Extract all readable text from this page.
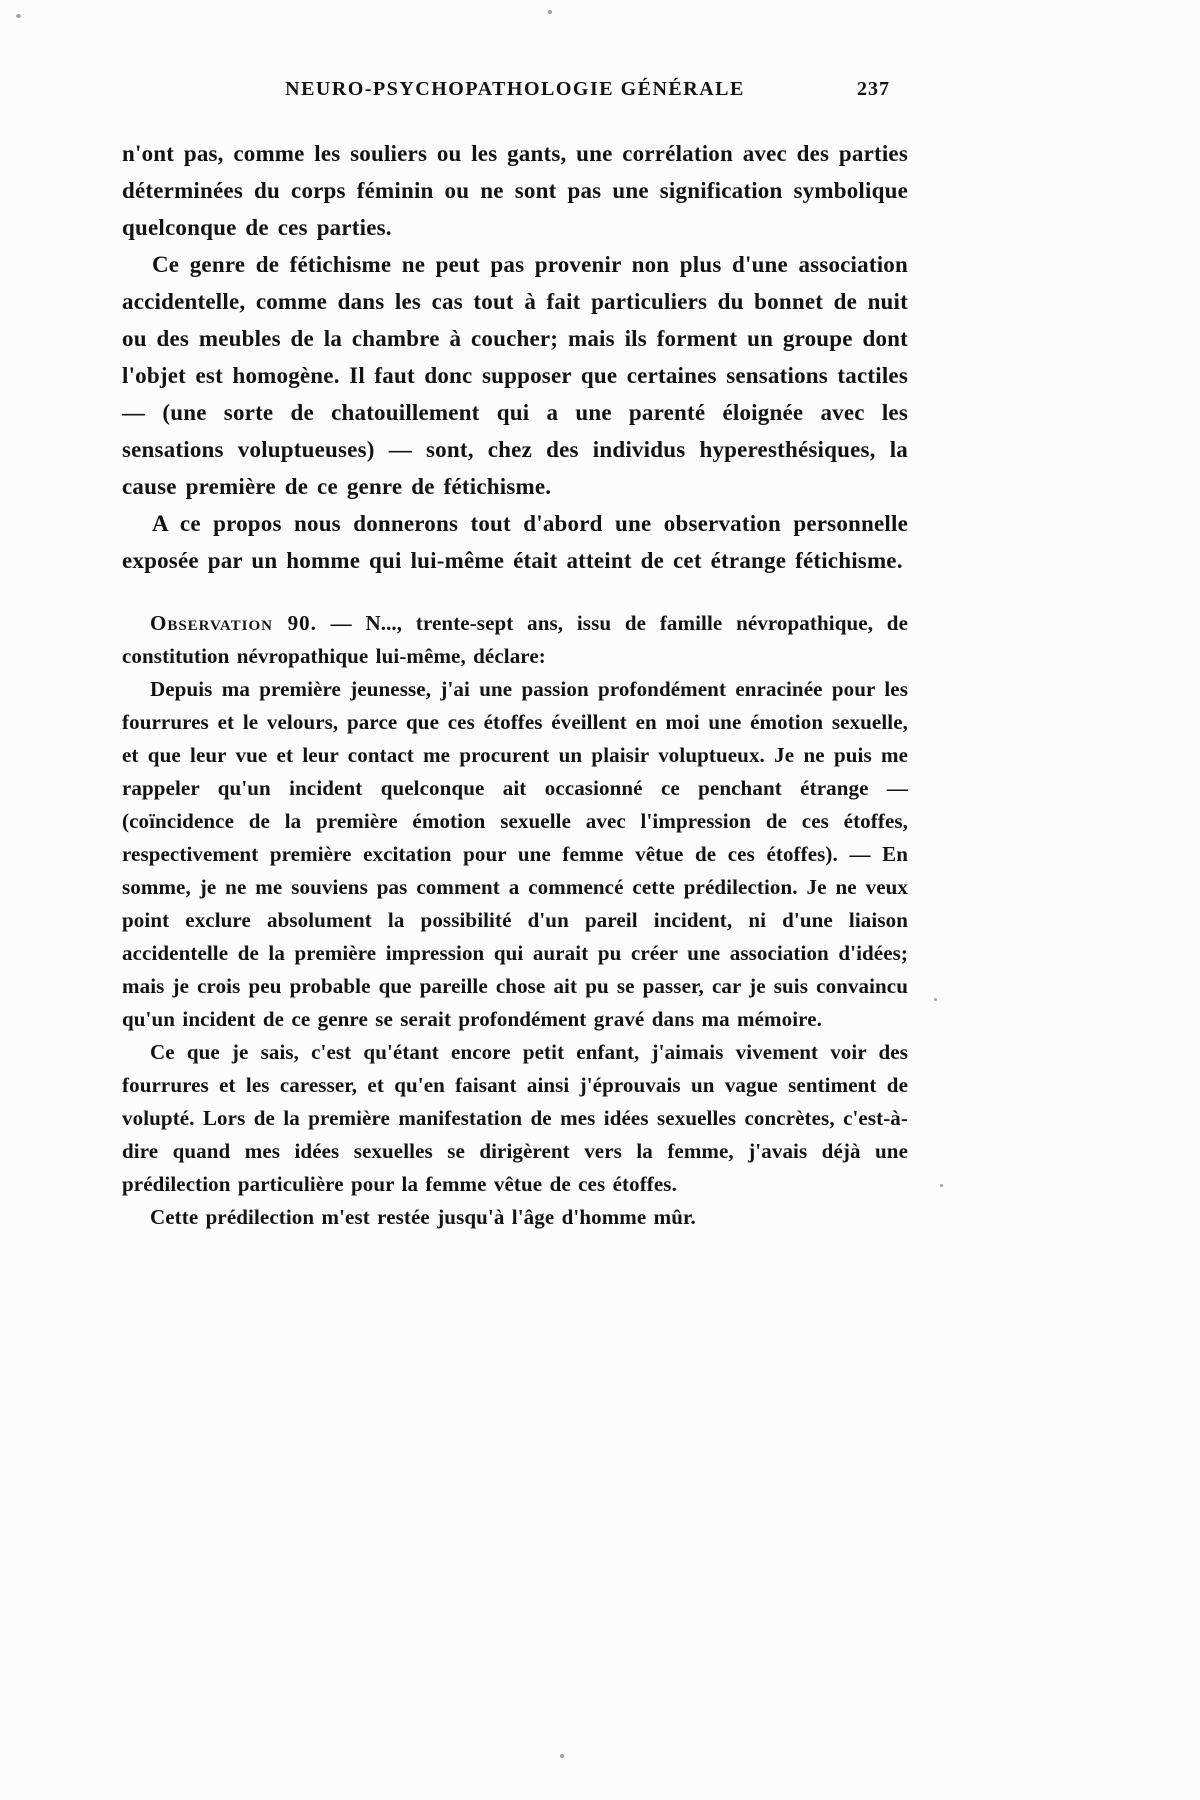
NEURO-PSYCHOPATHOLOGIE GÉNÉRALE	237

n'ont pas, comme les souliers ou les gants, une corrélation avec des parties déterminées du corps féminin ou ne sont pas une signification symbolique quelconque de ces parties.

Ce genre de fétichisme ne peut pas provenir non plus d'une association accidentelle, comme dans les cas tout à fait particuliers du bonnet de nuit ou des meubles de la chambre à coucher; mais ils forment un groupe dont l'objet est homogène. Il faut donc supposer que certaines sensations tactiles — (une sorte de chatouillement qui a une parenté éloignée avec les sensations voluptueuses) — sont, chez des individus hyperesthésiques, la cause première de ce genre de fétichisme.

A ce propos nous donnerons tout d'abord une observation personnelle exposée par un homme qui lui-même était atteint de cet étrange fétichisme.

Observation 90. — N..., trente-sept ans, issu de famille névropathique, de constitution névropathique lui-même, déclare:

Depuis ma première jeunesse, j'ai une passion profondément enracinée pour les fourrures et le velours, parce que ces étoffes éveillent en moi une émotion sexuelle, et que leur vue et leur contact me procurent un plaisir voluptueux. Je ne puis me rappeler qu'un incident quelconque ait occasionné ce penchant étrange — (coïncidence de la première émotion sexuelle avec l'impression de ces étoffes, respectivement première excitation pour une femme vêtue de ces étoffes). — En somme, je ne me souviens pas comment a commencé cette prédilection. Je ne veux point exclure absolument la possibilité d'un pareil incident, ni d'une liaison accidentelle de la première impression qui aurait pu créer une association d'idées; mais je crois peu probable que pareille chose ait pu se passer, car je suis convaincu qu'un incident de ce genre se serait profondément gravé dans ma mémoire.

Ce que je sais, c'est qu'étant encore petit enfant, j'aimais vivement voir des fourrures et les caresser, et qu'en faisant ainsi j'éprouvais un vague sentiment de volupté. Lors de la première manifestation de mes idées sexuelles concrètes, c'est-à-dire quand mes idées sexuelles se dirigèrent vers la femme, j'avais déjà une prédilection particulière pour la femme vêtue de ces étoffes.

Cette prédilection m'est restée jusqu'à l'âge d'homme mûr.
